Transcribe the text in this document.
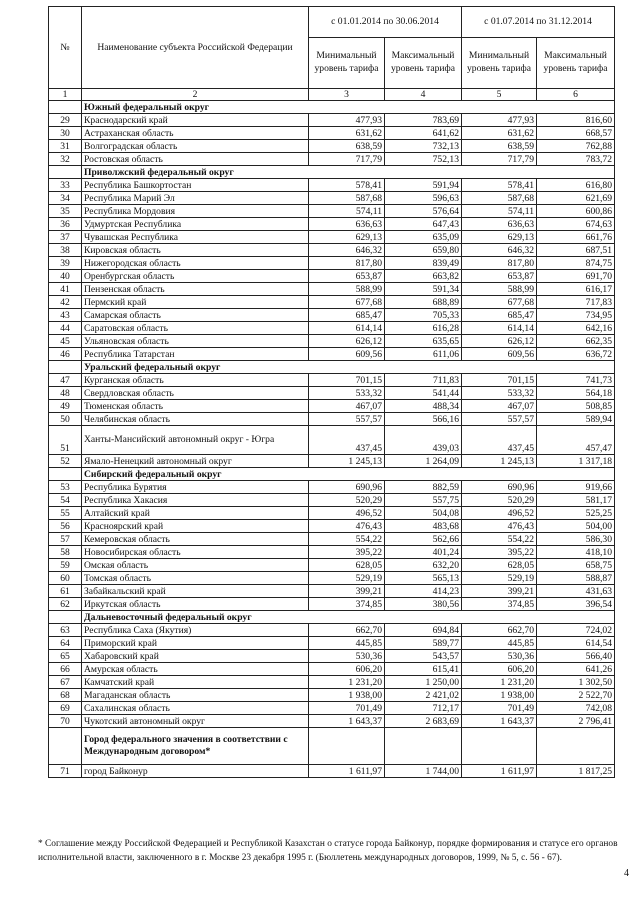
№	Наименование субъекта Российской Федерации	с 01.01.2014 по 30.06.2014		с 01.07.2014 по 31.12.2014	
		Минимальный уровень тарифа	Максимальный уровень тарифа	Минимальный уровень тарифа	Максимальный уровень тарифа
1	2	3	4	5	6
	Южный федеральный округ				
29	Краснодарский край	477,93	783,69	477,93	816,60
30	Астраханская область	631,62	641,62	631,62	668,57
31	Волгоградская область	638,59	732,13	638,59	762,88
32	Ростовская область	717,79	752,13	717,79	783,72
	Приволжский федеральный округ				
33	Республика Башкортостан	578,41	591,94	578,41	616,80
34	Республика Марий Эл	587,68	596,63	587,68	621,69
35	Республика Мордовия	574,11	576,64	574,11	600,86
36	Удмуртская Республика	636,63	647,43	636,63	674,63
37	Чувашская Республика	629,13	635,09	629,13	661,76
38	Кировская область	646,32	659,80	646,32	687,51
39	Нижегородская область	817,80	839,49	817,80	874,75
40	Оренбургская область	653,87	663,82	653,87	691,70
41	Пензенская область	588,99	591,34	588,99	616,17
42	Пермский край	677,68	688,89	677,68	717,83
43	Самарская область	685,47	705,33	685,47	734,95
44	Саратовская область	614,14	616,28	614,14	642,16
45	Ульяновская область	626,12	635,65	626,12	662,35
46	Республика Татарстан	609,56	611,06	609,56	636,72
	Уральский федеральный округ				
47	Курганская область	701,15	711,83	701,15	741,73
48	Свердловская область	533,32	541,44	533,32	564,18
49	Тюменская область	467,07	488,34	467,07	508,85
50	Челябинская область	557,57	566,16	557,57	589,94
51	Ханты-Мансийский автономный округ - Югра	437,45	439,03	437,45	457,47
52	Ямало-Ненецкий автономный округ	1 245,13	1 264,09	1 245,13	1 317,18
	Сибирский федеральный округ				
53	Республика Бурятия	690,96	882,59	690,96	919,66
54	Республика Хакасия	520,29	557,75	520,29	581,17
55	Алтайский край	496,52	504,08	496,52	525,25
56	Красноярский край	476,43	483,68	476,43	504,00
57	Кемеровская область	554,22	562,66	554,22	586,30
58	Новосибирская область	395,22	401,24	395,22	418,10
59	Омская область	628,05	632,20	628,05	658,75
60	Томская область	529,19	565,13	529,19	588,87
61	Забайкальский край	399,21	414,23	399,21	431,63
62	Иркутская область	374,85	380,56	374,85	396,54
	Дальневосточный федеральный округ				
63	Республика Саха (Якутия)	662,70	694,84	662,70	724,02
64	Приморский край	445,85	589,77	445,85	614,54
65	Хабаровский край	530,36	543,57	530,36	566,40
66	Амурская область	606,20	615,41	606,20	641,26
67	Камчатский край	1 231,20	1 250,00	1 231,20	1 302,50
68	Магаданская область	1 938,00	2 421,02	1 938,00	2 522,70
69	Сахалинская область	701,49	712,17	701,49	742,08
70	Чукотский автономный округ	1 643,37	2 683,69	1 643,37	2 796,41
	Город федерального значения в соответствии с Международным договором*				
71	город Байконур	1 611,97	1 744,00	1 611,97	1 817,25
* Соглашение между Российской Федерацией и Республикой Казахстан о статусе города Байконур, порядке формирования и статусе его органов исполнительной власти, заключенного в г. Москве 23 декабря 1995 г. (Бюллетень международных договоров, 1999, № 5, с. 56 - 67).
4
